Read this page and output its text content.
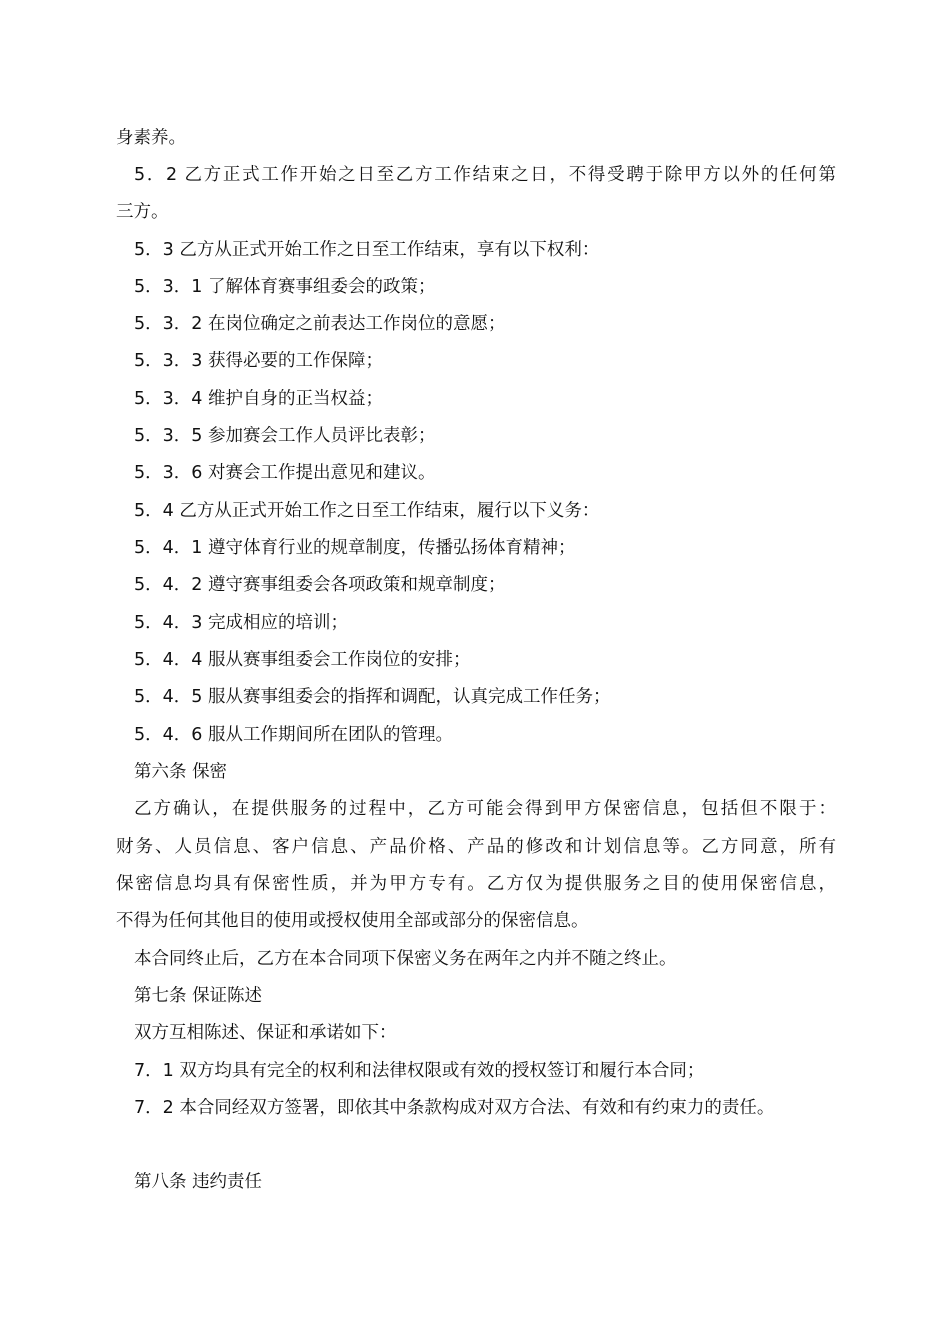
身素养。
5．2 乙方正式工作开始之日至乙方工作结束之日，不得受聘于除甲方以外的任何第
三方。
5．3 乙方从正式开始工作之日至工作结束，享有以下权利：
5．3．1 了解体育赛事组委会的政策；
5．3．2 在岗位确定之前表达工作岗位的意愿；
5．3．3 获得必要的工作保障；
5．3．4 维护自身的正当权益；
5．3．5 参加赛会工作人员评比表彰；
5．3．6 对赛会工作提出意见和建议。
5．4 乙方从正式开始工作之日至工作结束，履行以下义务：
5．4．1 遵守体育行业的规章制度，传播弘扬体育精神；
5．4．2 遵守赛事组委会各项政策和规章制度；
5．4．3 完成相应的培训；
5．4．4 服从赛事组委会工作岗位的安排；
5．4．5 服从赛事组委会的指挥和调配，认真完成工作任务；
5．4．6 服从工作期间所在团队的管理。
第六条 保密
乙方确认，在提供服务的过程中，乙方可能会得到甲方保密信息，包括但不限于：
财务、人员信息、客户信息、产品价格、产品的修改和计划信息等。乙方同意，所有
保密信息均具有保密性质，并为甲方专有。乙方仅为提供服务之目的使用保密信息，
不得为任何其他目的使用或授权使用全部或部分的保密信息。
本合同终止后，乙方在本合同项下保密义务在两年之内并不随之终止。
第七条 保证陈述
双方互相陈述、保证和承诺如下：
7．1 双方均具有完全的权利和法律权限或有效的授权签订和履行本合同；
7．2 本合同经双方签署，即依其中条款构成对双方合法、有效和有约束力的责任。
第八条 违约责任
